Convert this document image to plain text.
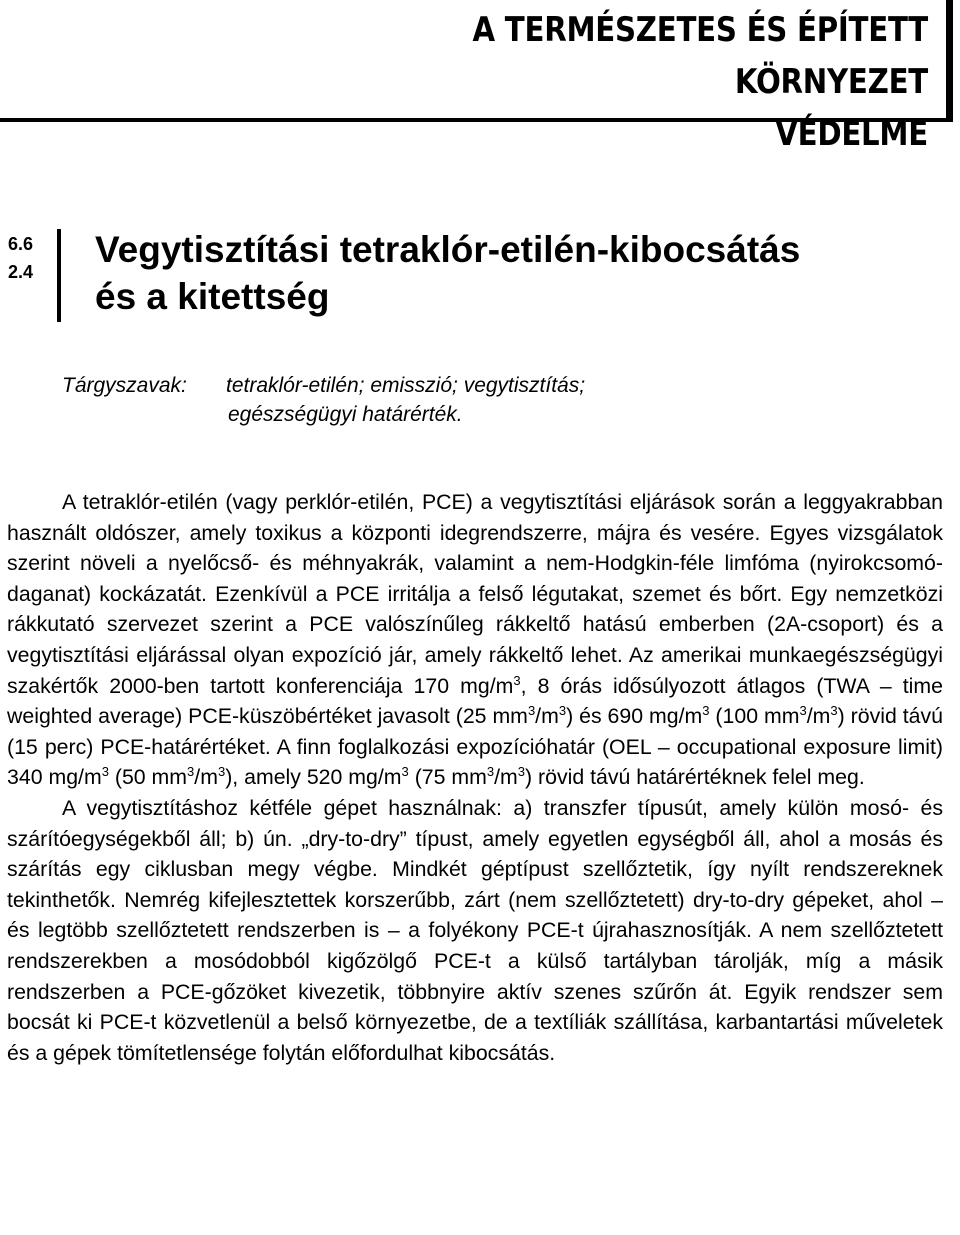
A TERMÉSZETES ÉS ÉPÍTETT KÖRNYEZET
VÉDELME
6.6
2.4
Vegytisztítási tetraklór-etilén-kibocsátás
és a kitettség
Tárgyszavak: tetraklór-etilén; emisszió; vegytisztítás;
egészségügyi határérték.

A tetraklór-etilén (vagy perklór-etilén, PCE) a vegytisztítási eljárások során a leggyakrabban használt oldószer, amely toxikus a központi idegrendszerre, májra és vesére. Egyes vizsgálatok szerint növeli a nyelőcső- és méhnyakrák, valamint a nem-Hodgkin-féle limfóma (nyirokcsomó-daganat) kockázatát. Ezenkívül a PCE irritálja a felső légutakat, szemet és bőrt. Egy nemzetközi rákkutató szervezet szerint a PCE valószínűleg rákkeltő hatású emberben (2A-csoport) és a vegytisztítási eljárással olyan expozíció jár, amely rákkeltő lehet. Az amerikai munkaegészségügyi szakértők 2000-ben tartott konferenciája 170 $mg/m^3$, 8 órás idősúlyozott átlagos (TWA – time weighted average) PCE-küszöbértéket javasolt (25 $mm^3/m^3$) és 690 $mg/m^3$ (100 $mm^3/m^3$) rövid távú (15 perc) PCE-határértéket. A finn foglalkozási expozícióhatár (OEL – occupational exposure limit) 340 $mg/m^3$ (50 $mm^3/m^3$), amely 520 $mg/m^3$ (75 $mm^3/m^3$) rövid távú határértéknek felel meg.

A vegytisztításhoz kétféle gépet használnak: a) transzfer típusút, amely külön mosó- és szárítóegységekből áll; b) ún. „dry-to-dry” típust, amely egyetlen egységből áll, ahol a mosás és szárítás egy ciklusban megy végbe. Mindkét géptípust szellőztetik, így nyílt rendszereknek tekinthetők. Nemrég kifejlesztettek korszerűbb, zárt (nem szellőztetett) dry-to-dry gépeket, ahol – és legtöbb szellőztetett rendszerben is – a folyékony PCE-t újrahasznosítják. A nem szellőztetett rendszerekben a mosódobból kigőzölgő PCE-t a külső tartályban tárolják, míg a másik rendszerben a PCE-gőzöket kivezetik, többnyire aktív szenes szűrőn át. Egyik rendszer sem bocsát ki PCE-t közvetlenül a belső környezetbe, de a textíliák szállítása, karbantartási műveletek és a gépek tömítetlensége folytán előfordulhat kibocsátás.
